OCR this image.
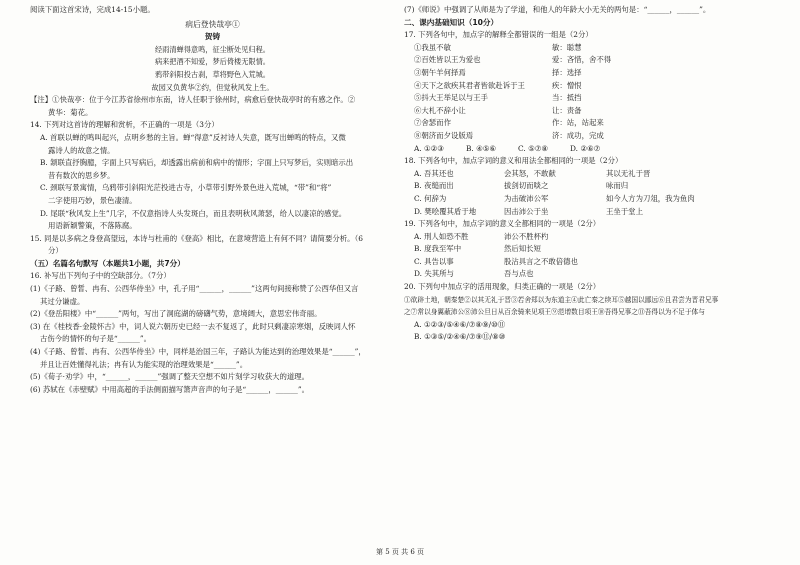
阅读下面这首宋诗，完成14-15小题。
病后登快哉亭①
贺铸
经雨清蝉得意鸣，征尘断处见归程。
病来把酒不知爱，梦后倚楼无限情。
鸦带斜阳投古刹，草将野色入荒城。
故园又负黄华②约，但觉秋风发上生。
【注】①快哉亭：位于今江苏省徐州市东南，诗人任职于徐州时，病愈后登快哉亭时的有感之作。②
黄华：菊花。
14. 下列对这首诗的理解和赏析，不正确的一项是（3分）
A. 首联以蝉的鸣叫起兴，点明乡愁的主旨。蝉“得意”反衬诗人失意，既写出蝉鸣的特点，又微
露诗人的故意之情。
B. 颔联直抒胸臆，字面上只写病后，却透露出病前和病中的情形；字面上只写梦后，实则暗示出
昔有数次的思乡梦。
C. 颈联写景寓情，乌鸦带引斜阳光茫投进古寺，小草带引野外景色进入荒城，“带”和“将”
二字使用巧妙，景色凄清。
D. 尾联“秋风发上生”几字，不仅意指诗人头发斑白，而且表明秋风萧瑟，给人以凄凉的感觉。
用语新颖警策，不落陈腐。
15. 同是以多病之身登高望远，本诗与杜甫的《登高》相比，在意境营造上有何不同？请简要分析。（6
分）
（五）名篇名句默写（本题共1小题，共7分）
16. 补写出下列句子中的空缺部分。（7分）
(1)《子路、曾皙、冉有、公西华侍坐》中，孔子用“______，______”这两句间接称赞了公西华但又言
其过分谦虚。
(2)《登岳阳楼》中“______”两句，写出了洞庭湖的磅礴气势，意境阔大，意思宏伟奇丽。
(3) 在《桂枝香·金陵怀古》中，词人说六朝历史已经一去不复返了，此时只剩凄凉寒烟，反映词人怀
古伤今的情怀的句子是“______”。
(4)《子路、曾皙、冉有、公西华侍坐》中，同样是治国三年，子路认为能达到的治理效果是“______”，
并且让百姓懂得礼法；冉有认为能实现的治理效果是“______”。
(5)《荀子·劝学》中，“______，______”强调了整天空想不如片刻学习收获大的道理。
(6) 苏轼在《赤壁赋》中用高超的手法侧面描写箫声音声的句子是“______，______”。
(7)《师说》中强调了从师是为了学道，和他人的年龄大小无关的两句是：“______，______”。
二、课内基础知识（10分）
17. 下列各句中，加点字的解释全都错误的一组是（2分）
①我虽不敏	敏：聪慧
②百姓皆以王为爱也	爱：吝惜，舍不得
③朝午羊何择焉	择：选择
④天下之欲疾其君者皆欲赴诉于王	疾：憎恨
⑤抖大王举足以与王手	当：抵挡
⑥大札不辞小让	让：责备
⑦舍瑟而作	作：站，站起来
⑧朝济而夕设版焉	济：成功，完成
A. ①②③	B. ④⑤⑥	C. ⑤⑦⑧	D. ②⑥⑦
18. 下列各句中，加点字词的意义和用法全都相同的一项是（2分）
A. 吾其还也	会其怒，不敢献	其以无礼于晋
B. 夜缒而出	拔剑切而啖之	咏而归
C. 何辞为	为击破沛公军	如今人方为刀俎，我为鱼肉
D. 樊哙覆其盾于地	因击沛公于坐	王坐于堂上
19. 下列各句中，加点字词的意义全都相同的一项是（2分）
A. 刑人如恐不胜	沛公不胜杯杓
B. 度我至军中	然后知长短
C. 具告以事	股沾具言之不敢倍德也
D. 失其所与	吾与点也
20. 下列句中加点字的活用现象，归类正确的一项是（2分）
①欲辟土地，朝秦楚②以其无礼于晋③若舍郑以为东道主④此亡秦之续耳⑤越国以鄙远⑥且君尝为晋君兄事
之⑦常以身翼蔽沛公⑧沛公旦日从百余骑来见项王⑨范增数目项王⑩吾得兄事之⑪吾得以为不足于体与
A. ①②③/⑤④⑥/⑦⑧⑨/⑩⑪
B. ①③⑤/②④⑥/⑦⑨⑪/⑧⑩
第 5 页 共 6 页
